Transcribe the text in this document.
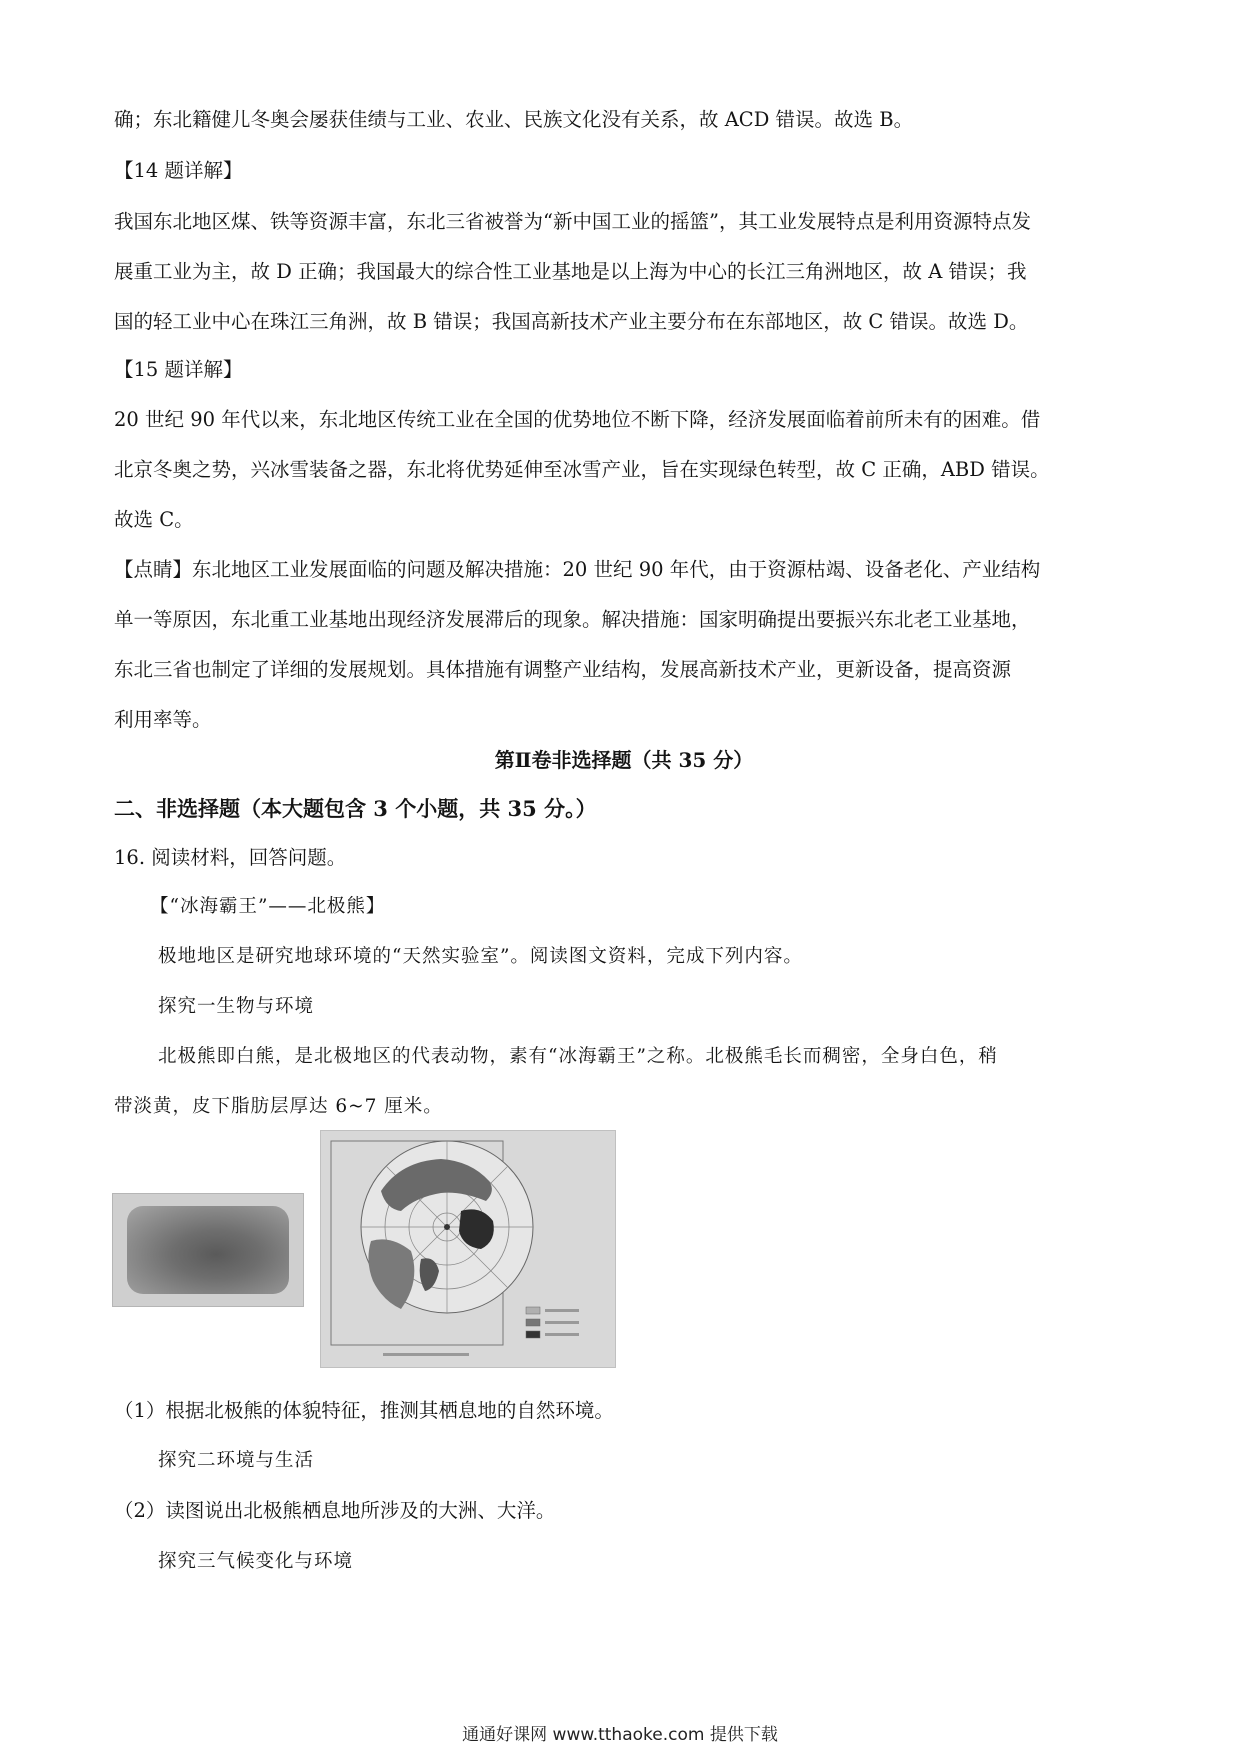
确；东北籍健儿冬奥会屡获佳绩与工业、农业、民族文化没有关系，故 ACD 错误。故选 B。

【14 题详解】

我国东北地区煤、铁等资源丰富，东北三省被誉为“新中国工业的摇篮”，其工业发展特点是利用资源特点发
展重工业为主，故 D 正确；我国最大的综合性工业基地是以上海为中心的长江三角洲地区，故 A 错误；我
国的轻工业中心在珠江三角洲，故 B 错误；我国高新技术产业主要分布在东部地区，故 C 错误。故选 D。

【15 题详解】

20 世纪 90 年代以来，东北地区传统工业在全国的优势地位不断下降，经济发展面临着前所未有的困难。借
北京冬奥之势，兴冰雪装备之器，东北将优势延伸至冰雪产业，旨在实现绿色转型，故 C 正确，ABD 错误。
故选 C。

【点睛】东北地区工业发展面临的问题及解决措施：20 世纪 90 年代，由于资源枯竭、设备老化、产业结构
单一等原因，东北重工业基地出现经济发展滞后的现象。解决措施：国家明确提出要振兴东北老工业基地，
东北三省也制定了详细的发展规划。具体措施有调整产业结构，发展高新技术产业，更新设备，提高资源
利用率等。

第Ⅱ卷非选择题（共 35 分）

二、非选择题（本大题包含 3 个小题，共 35 分。）

16. 阅读材料，回答问题。

【“冰海霸王”——北极熊】

极地地区是研究地球环境的“天然实验室”。阅读图文资料，完成下列内容。

探究一生物与环境

北极熊即白熊，是北极地区的代表动物，素有“冰海霸王”之称。北极熊毛长而稠密，全身白色，稍
带淡黄，皮下脂肪层厚达 6~7 厘米。

（1）根据北极熊的体貌特征，推测其栖息地的自然环境。

探究二环境与生活

（2）读图说出北极熊栖息地所涉及的大洲、大洋。

探究三气候变化与环境

通通好课网 www.tthaoke.com 提供下载
